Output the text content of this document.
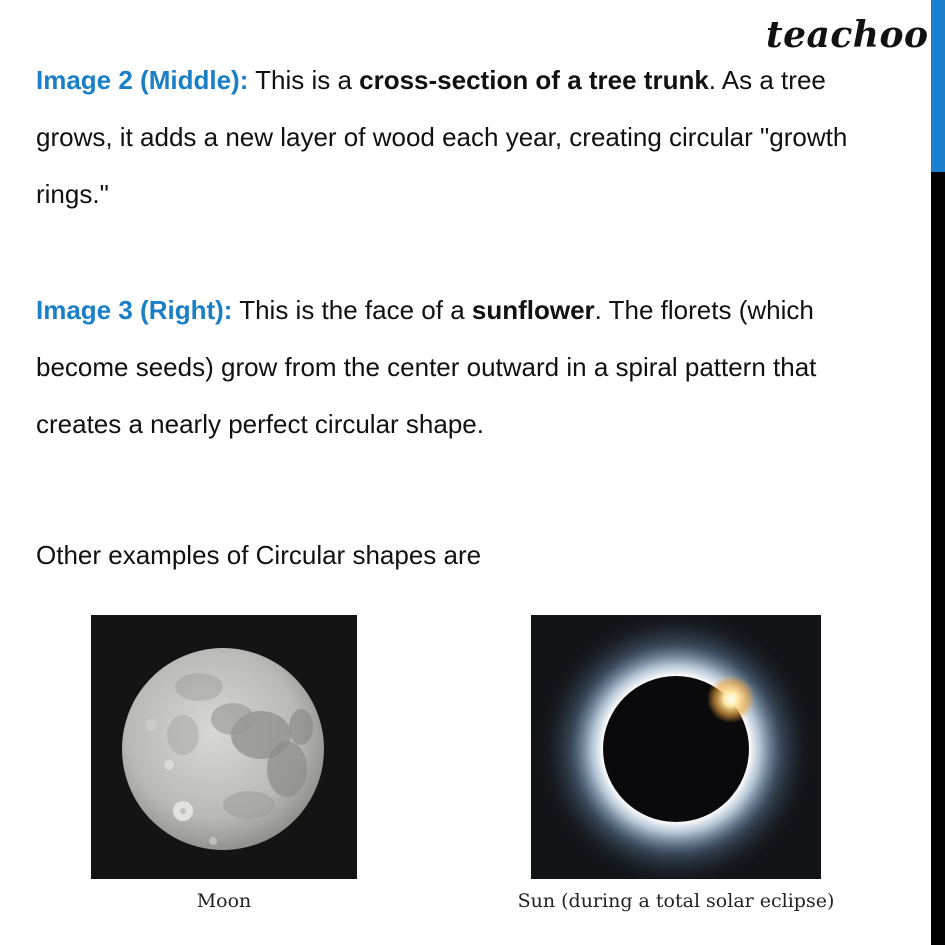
teachoo

Image 2 (Middle): This is a cross-section of a tree trunk. As a tree grows, it adds a new layer of wood each year, creating circular "growth rings."

Image 3 (Right): This is the face of a sunflower. The florets (which become seeds) grow from the center outward in a spiral pattern that creates a nearly perfect circular shape.

Other examples of Circular shapes are

Moon	Sun (during a total solar eclipse)
